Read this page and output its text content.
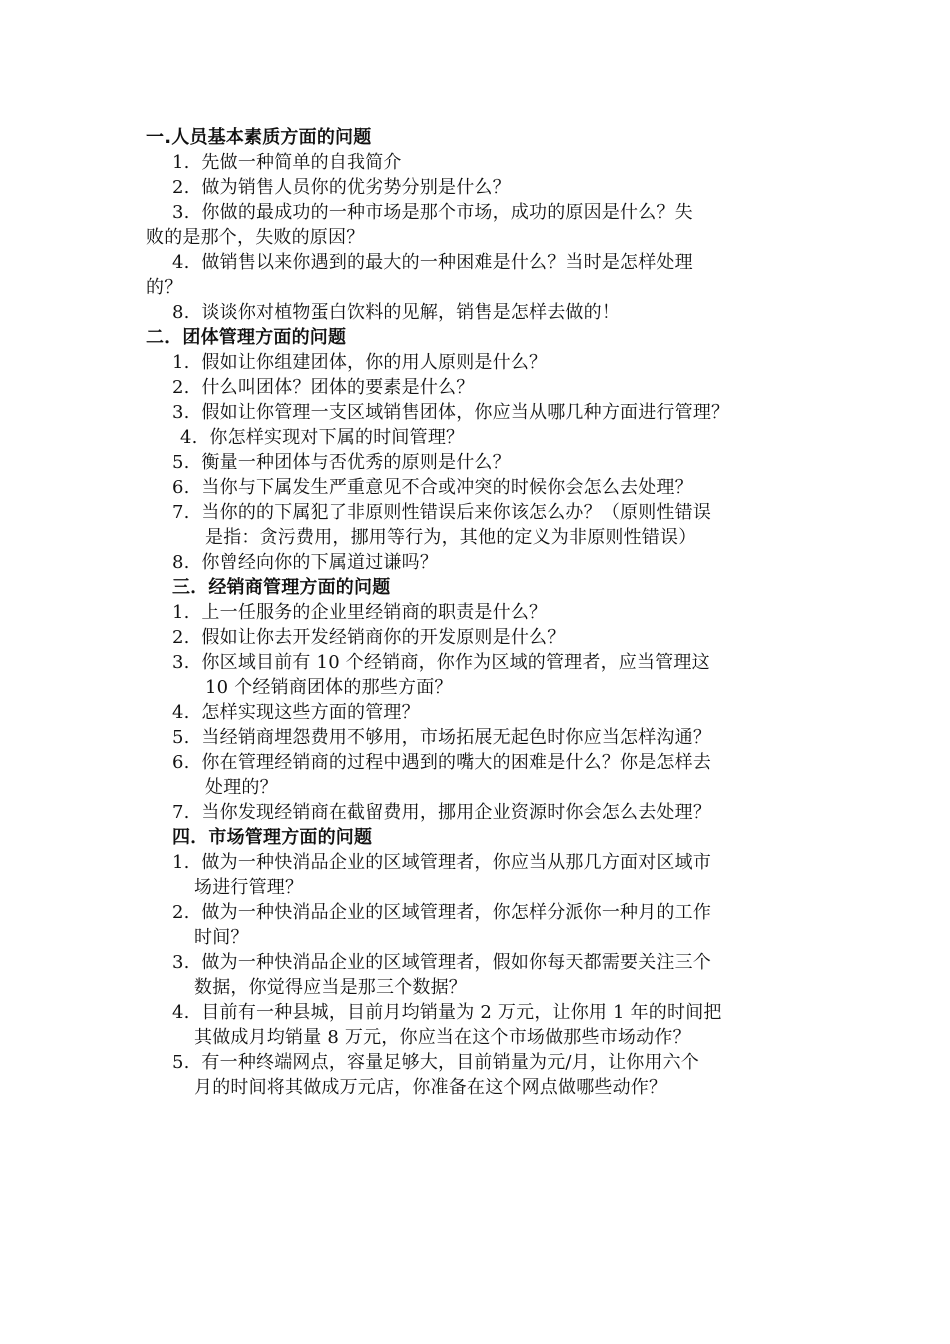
一.人员基本素质方面的问题
1. 先做一种简单的自我简介
2. 做为销售人员你的优劣势分别是什么？
3. 你做的最成功的一种市场是那个市场，成功的原因是什么？失
败的是那个，失败的原因？
4. 做销售以来你遇到的最大的一种困难是什么？当时是怎样处理
的？
8. 谈谈你对植物蛋白饮料的见解，销售是怎样去做的！
二．团体管理方面的问题
1. 假如让你组建团体，你的用人原则是什么？
2. 什么叫团体？团体的要素是什么？
3. 假如让你管理一支区域销售团体，你应当从哪几种方面进行管理？
4. 你怎样实现对下属的时间管理？
5. 衡量一种团体与否优秀的原则是什么？
6. 当你与下属发生严重意见不合或冲突的时候你会怎么去处理？
7. 当你的的下属犯了非原则性错误后来你该怎么办？（原则性错误
是指：贪污费用，挪用等行为，其他的定义为非原则性错误）
8. 你曾经向你的下属道过谦吗？
三．经销商管理方面的问题
1. 上一任服务的企业里经销商的职责是什么？
2. 假如让你去开发经销商你的开发原则是什么？
3. 你区域目前有 10 个经销商，你作为区域的管理者，应当管理这
10 个经销商团体的那些方面？
4. 怎样实现这些方面的管理？
5. 当经销商埋怨费用不够用，市场拓展无起色时你应当怎样沟通？
6. 你在管理经销商的过程中遇到的嘴大的困难是什么？你是怎样去
处理的？
7. 当你发现经销商在截留费用，挪用企业资源时你会怎么去处理？
四．市场管理方面的问题
1. 做为一种快消品企业的区域管理者，你应当从那几方面对区域市
场进行管理？
2. 做为一种快消品企业的区域管理者，你怎样分派你一种月的工作
时间？
3. 做为一种快消品企业的区域管理者，假如你每天都需要关注三个
数据，你觉得应当是那三个数据？
4. 目前有一种县城，目前月均销量为 2 万元，让你用 1 年的时间把
其做成月均销量 8 万元，你应当在这个市场做那些市场动作？
5. 有一种终端网点，容量足够大，目前销量为元/月，让你用六个
月的时间将其做成万元店，你准备在这个网点做哪些动作？
